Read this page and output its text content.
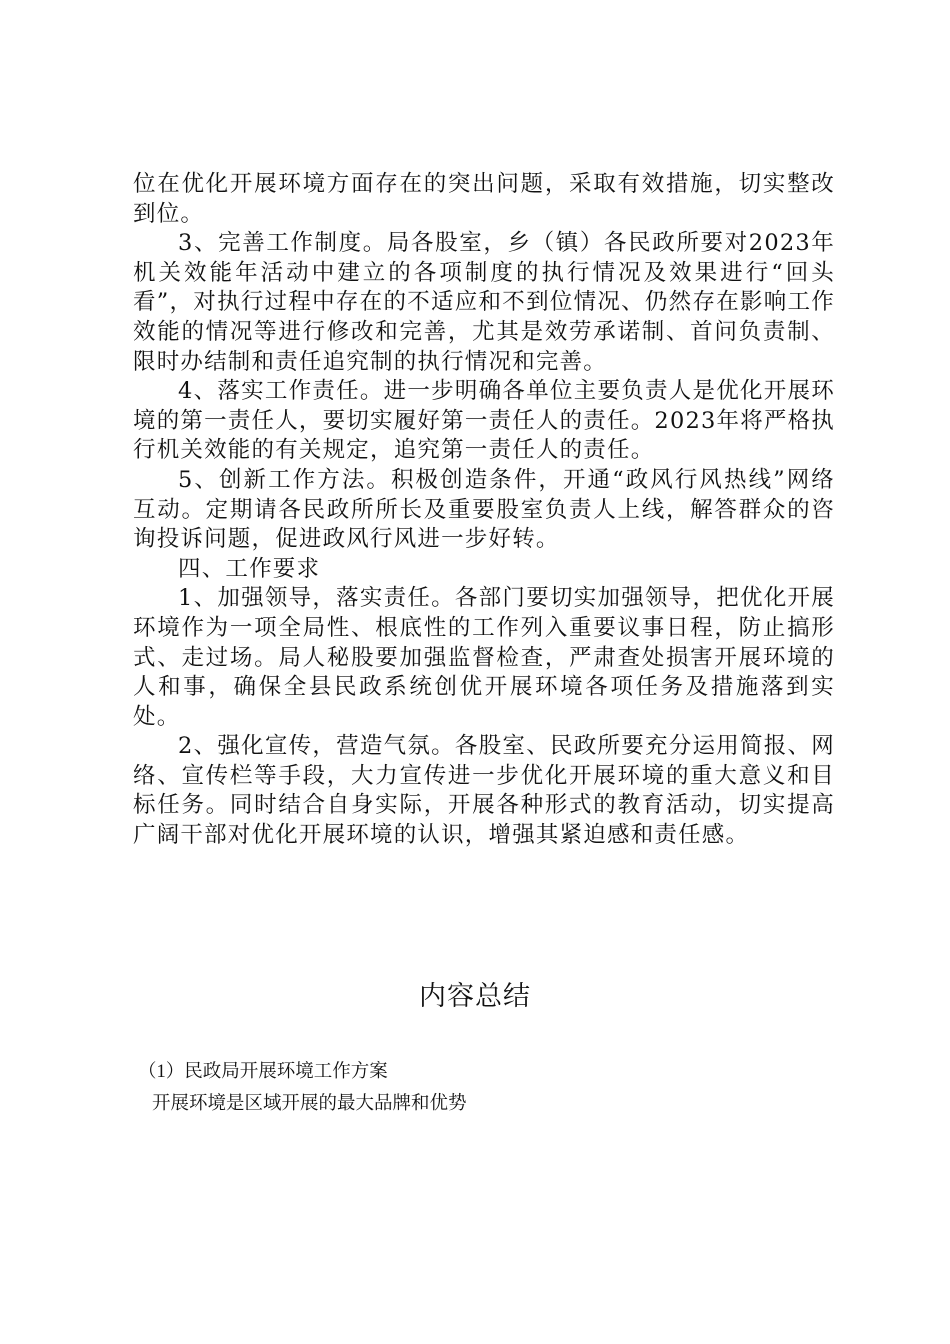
位在优化开展环境方面存在的突出问题，采取有效措施，切实整改到位。

3、完善工作制度。局各股室，乡（镇）各民政所要对2023年机关效能年活动中建立的各项制度的执行情况及效果进行“回头看”，对执行过程中存在的不适应和不到位情况、仍然存在影响工作效能的情况等进行修改和完善，尤其是效劳承诺制、首问负责制、限时办结制和责任追究制的执行情况和完善。

4、落实工作责任。进一步明确各单位主要负责人是优化开展环境的第一责任人，要切实履好第一责任人的责任。2023年将严格执行机关效能的有关规定，追究第一责任人的责任。

5、创新工作方法。积极创造条件，开通“政风行风热线”网络互动。定期请各民政所所长及重要股室负责人上线，解答群众的咨询投诉问题，促进政风行风进一步好转。

四、工作要求

1、加强领导，落实责任。各部门要切实加强领导，把优化开展环境作为一项全局性、根底性的工作列入重要议事日程，防止搞形式、走过场。局人秘股要加强监督检查，严肃查处损害开展环境的人和事，确保全县民政系统创优开展环境各项任务及措施落到实处。

2、强化宣传，营造气氛。各股室、民政所要充分运用简报、网络、宣传栏等手段，大力宣传进一步优化开展环境的重大意义和目标任务。同时结合自身实际，开展各种形式的教育活动，切实提高广阔干部对优化开展环境的认识，增强其紧迫感和责任感。

内容总结
（1）民政局开展环境工作方案
开展环境是区域开展的最大品牌和优势
